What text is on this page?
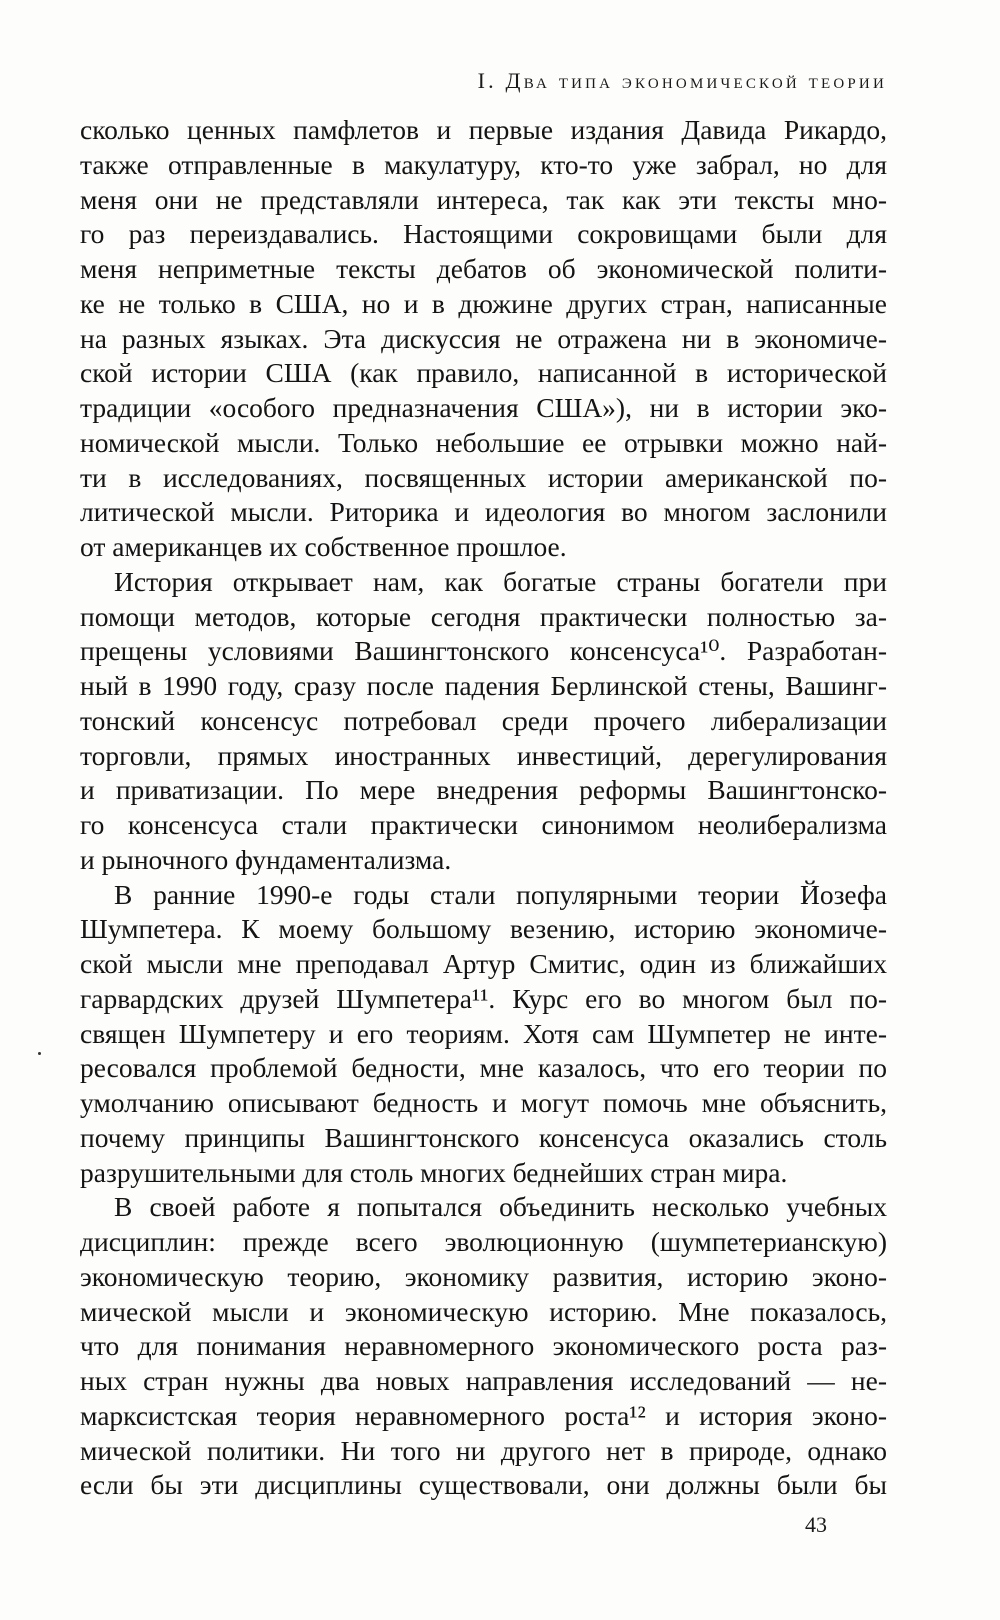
I. Два типа экономической теории
сколько ценных памфлетов и первые издания Давида Рикардо,
также отправленные в макулатуру, кто-то уже забрал, но для
меня они не представляли интереса, так как эти тексты мно-
го раз переиздавались. Настоящими сокровищами были для
меня неприметные тексты дебатов об экономической полити-
ке не только в США, но и в дюжине других стран, написанные
на разных языках. Эта дискуссия не отражена ни в экономиче-
ской истории США (как правило, написанной в исторической
традиции «особого предназначения США»), ни в истории эко-
номической мысли. Только небольшие ее отрывки можно най-
ти в исследованиях, посвященных истории американской по-
литической мысли. Риторика и идеология во многом заслонили
от американцев их собственное прошлое.
История открывает нам, как богатые страны богатели при
помощи методов, которые сегодня практически полностью за-
прещены условиями Вашингтонского консенсуса¹⁰. Разработан-
ный в 1990 году, сразу после падения Берлинской стены, Вашинг-
тонский консенсус потребовал среди прочего либерализации
торговли, прямых иностранных инвестиций, дерегулирования
и приватизации. По мере внедрения реформы Вашингтонско-
го консенсуса стали практически синонимом неолиберализма
и рыночного фундаментализма.
В ранние 1990-е годы стали популярными теории Йозефа
Шумпетера. К моему большому везению, историю экономиче-
ской мысли мне преподавал Артур Смитис, один из ближайших
гарвардских друзей Шумпетера¹¹. Курс его во многом был по-
священ Шумпетеру и его теориям. Хотя сам Шумпетер не инте-
ресовался проблемой бедности, мне казалось, что его теории по
умолчанию описывают бедность и могут помочь мне объяснить,
почему принципы Вашингтонского консенсуса оказались столь
разрушительными для столь многих беднейших стран мира.
В своей работе я попытался объединить несколько учебных
дисциплин: прежде всего эволюционную (шумпетерианскую)
экономическую теорию, экономику развития, историю эконо-
мической мысли и экономическую историю. Мне показалось,
что для понимания неравномерного экономического роста раз-
ных стран нужны два новых направления исследований — не-
марксистская теория неравномерного роста¹² и история эконо-
мической политики. Ни того ни другого нет в природе, однако
если бы эти дисциплины существовали, они должны были бы
43
